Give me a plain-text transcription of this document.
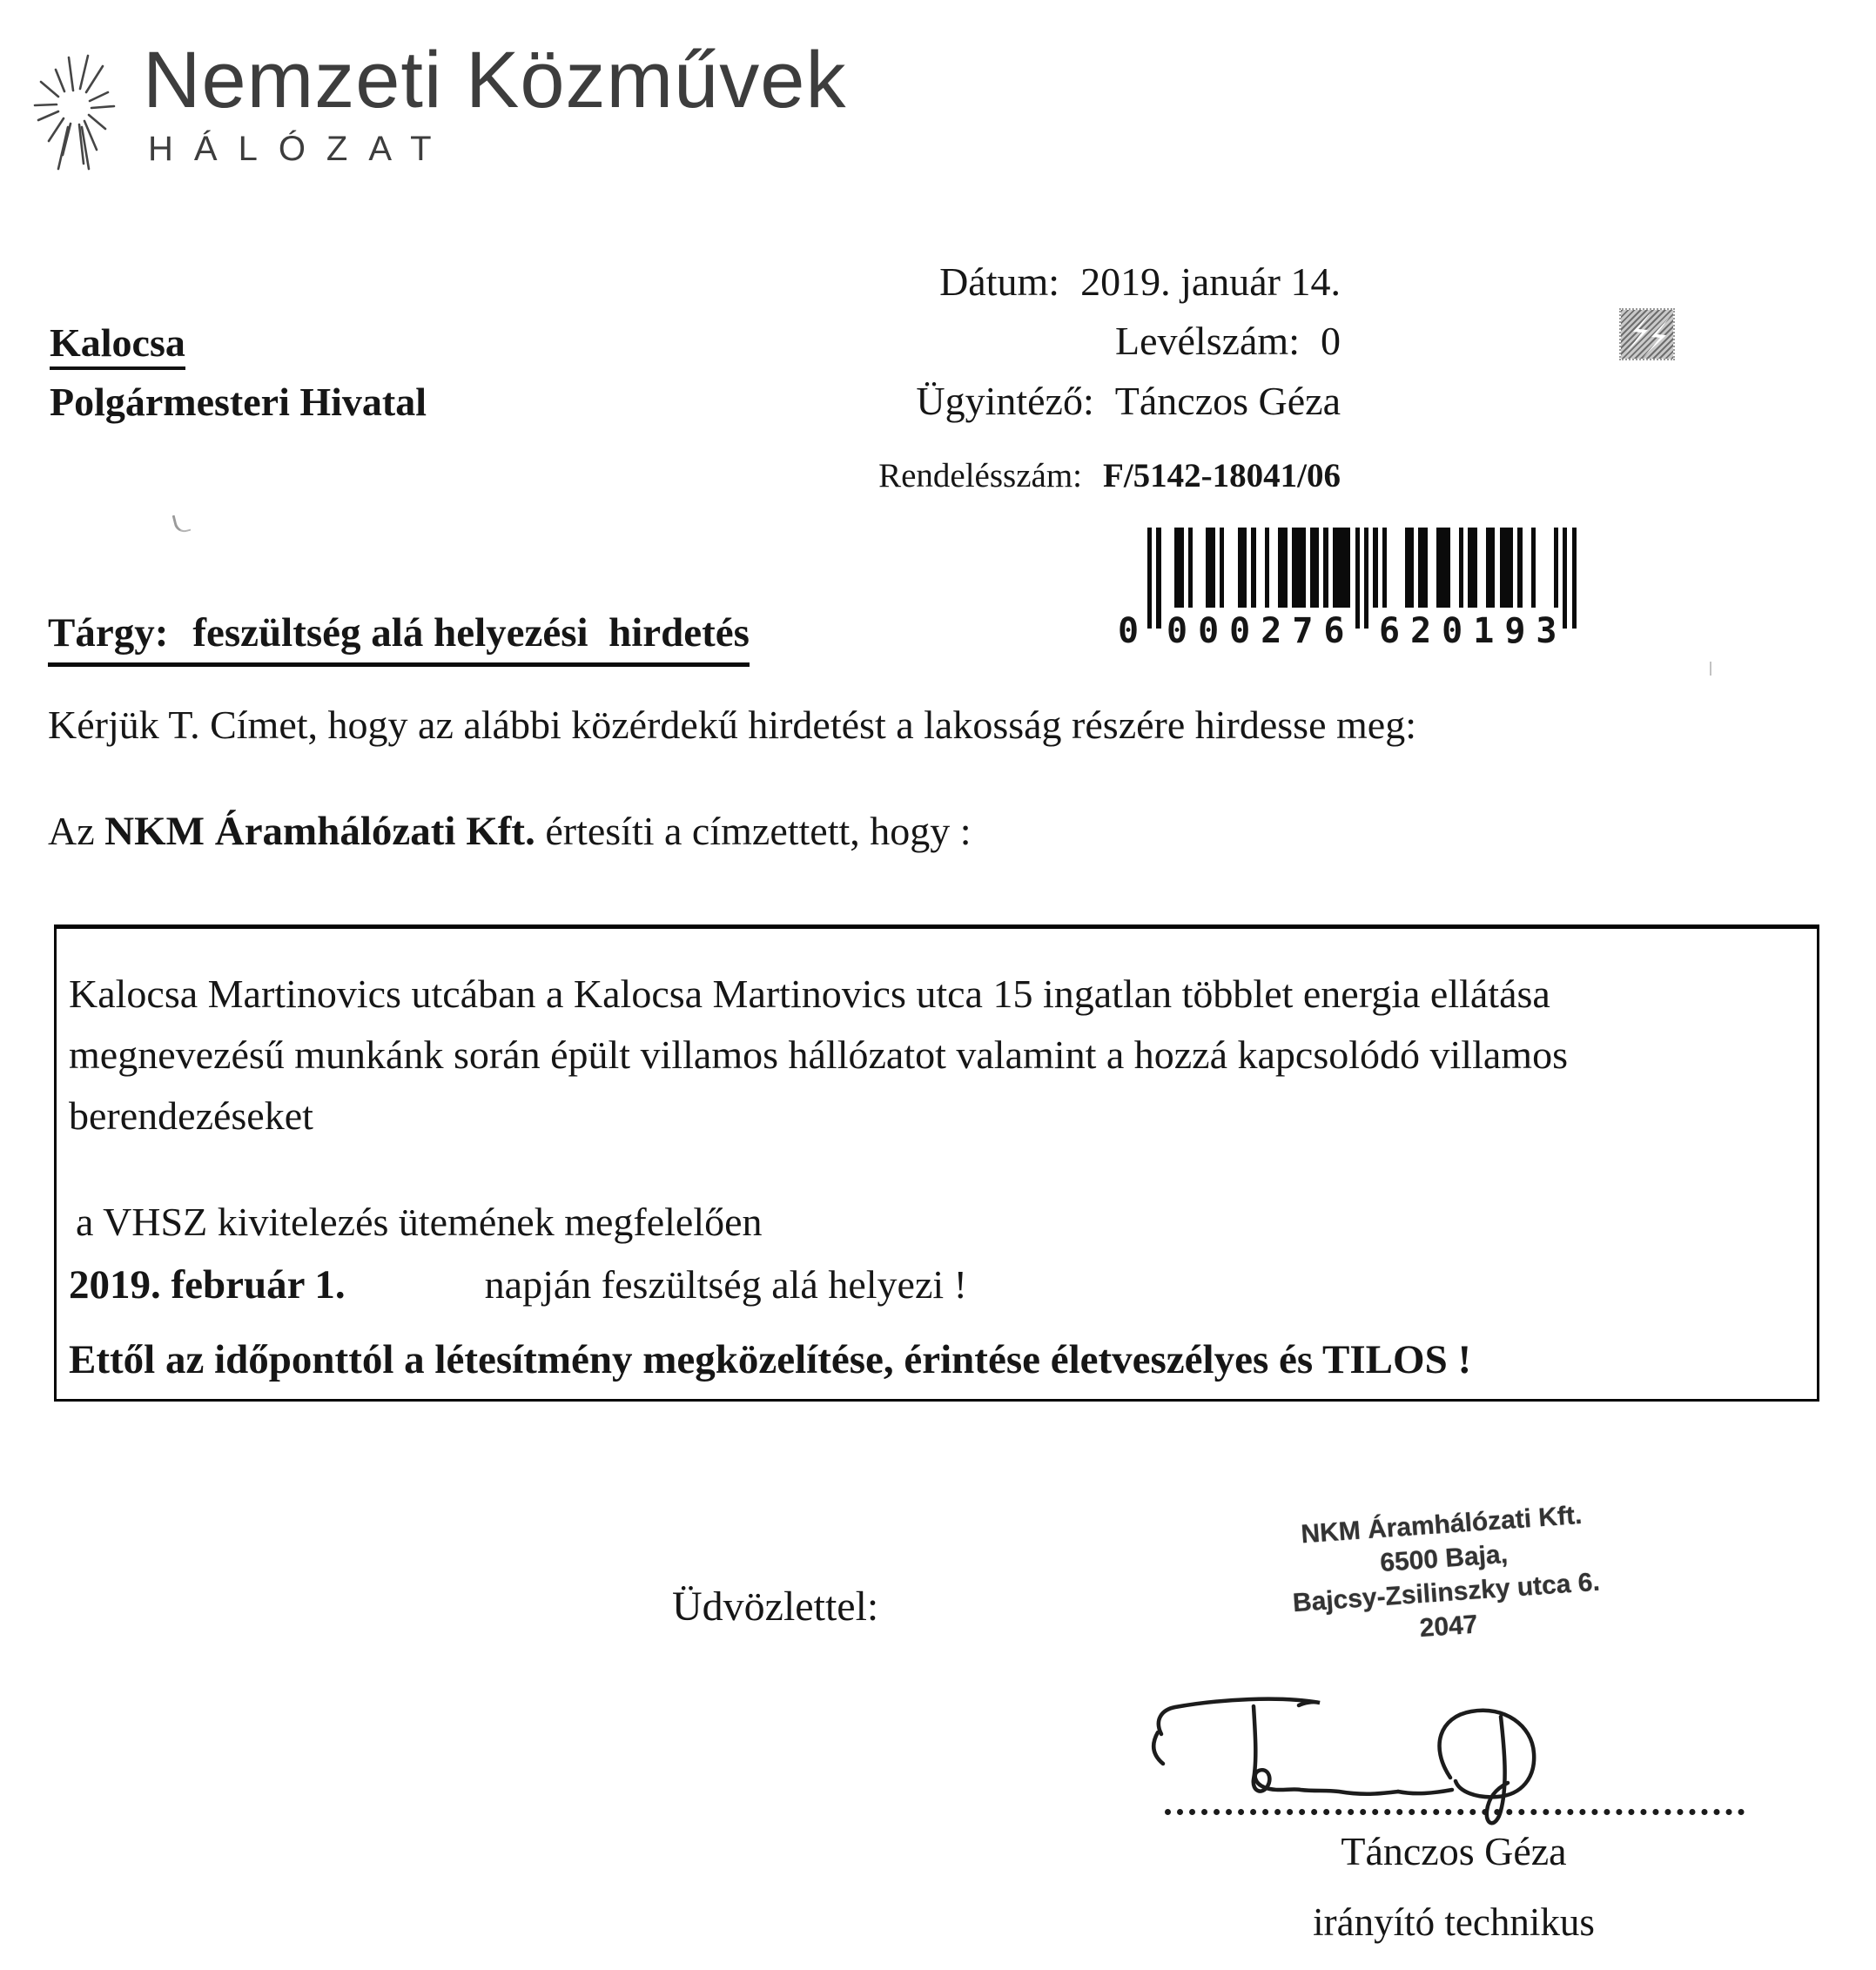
Nemzeti Közművek
HÁLÓZAT
Kalocsa
Polgármesteri Hivatal
Dátum: 2019. január 14.
Levélszám: 0
Ügyintéző: Tánczos Géza
Rendelésszám: F/5142-18041/06
0 000276 620193
Tárgy: feszültség alá helyezési  hirdetés
Kérjük T. Címet, hogy az alábbi közérdekű hirdetést a lakosság részére hirdesse meg:
Az NKM Áramhálózati Kft. értesíti a címzettett, hogy :
Kalocsa Martinovics utcában a Kalocsa Martinovics utca 15 ingatlan többlet energia ellátása megnevezésű munkánk során épült villamos hállózatot valamint a hozzá kapcsolódó villamos berendezéseket
a VHSZ kivitelezés ütemének megfelelően
2019. február 1.	napján feszültség alá helyezi !
Ettől az időponttól a létesítmény megközelítése, érintése életveszélyes és TILOS !
Üdvözlettel:
NKM Áramhálózati Kft.
6500 Baja,
Bajcsy-Zsilinszky utca 6.
2047
Tánczos Géza
irányító technikus
